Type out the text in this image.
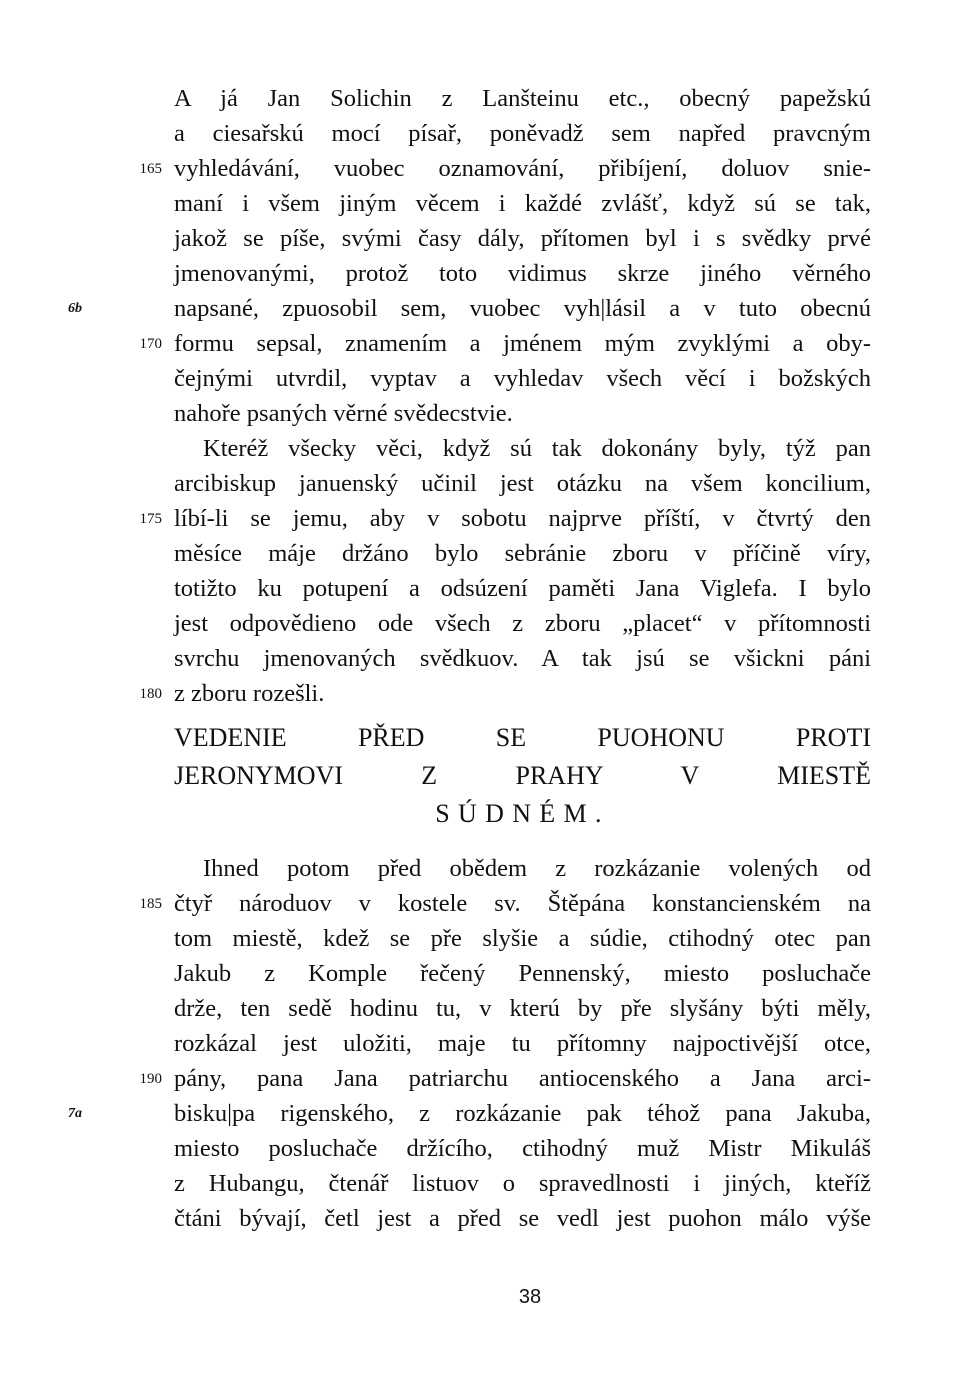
A já Jan Solichin z Lanšteinu etc., obecný papežskú
a ciesařskú mocí písař, poněvadž sem napřed pravcným
vyhledávání, vuobec oznamování, přibíjení, doluov snie-
maní i všem jiným věcem i každé zvlášť, když sú se tak,
jakož se píše, svými časy dály, přítomen byl i s svědky prvé
jmenovanými, protož toto vidimus skrze jiného věrného
napsané, zpuosobil sem, vuobec vyh|lásil a v tuto obecnú
formu sepsal, znamením a jménem mým zvyklými a oby-
čejnými utvrdil, vyptav a vyhledav všech věcí i božských
nahoře psaných věrné svědecstvie.
Kteréž všecky věci, když sú tak dokonány byly, týž pan
arcibiskup januenský učinil jest otázku na všem koncilium,
líbí-li se jemu, aby v sobotu najprve příští, v čtvrtý den
měsíce máje držáno bylo sebránie zboru v příčině víry,
totižto ku potupení a odsúzení paměti Jana Viglefa. I bylo
jest odpovědieno ode všech z zboru „placet“ v přítomnosti
svrchu jmenovaných svědkuov. A tak jsú se všickni páni
z zboru rozešli.
VEDENIE PŘED SE PUOHONU PROTI
JERONYMOVI Z PRAHY V MIESTĚ
SÚDNÉM.
Ihned potom před obědem z rozkázanie volených od
čtyř národuov v kostele sv. Štěpána konstancienském na
tom miestě, kdež se pře slyšie a súdie, ctihodný otec pan
Jakub z Komple řečený Pennenský, miesto posluchače
drže, ten sedě hodinu tu, v kterú by pře slyšány býti měly,
rozkázal jest uložiti, maje tu přítomny najpoctivější otce,
pány, pana Jana patriarchu antiocenského a Jana arci-
bisku|pa rigenského, z rozkázanie pak téhož pana Jakuba,
miesto posluchače držícího, ctihodný muž Mistr Mikuláš
z Hubangu, čtenář listuov o spravedlnosti i jiných, kteříž
čtáni bývají, četl jest a před se vedl jest puohon málo výše
165
170
175
180
185
190
6b
7a
38
